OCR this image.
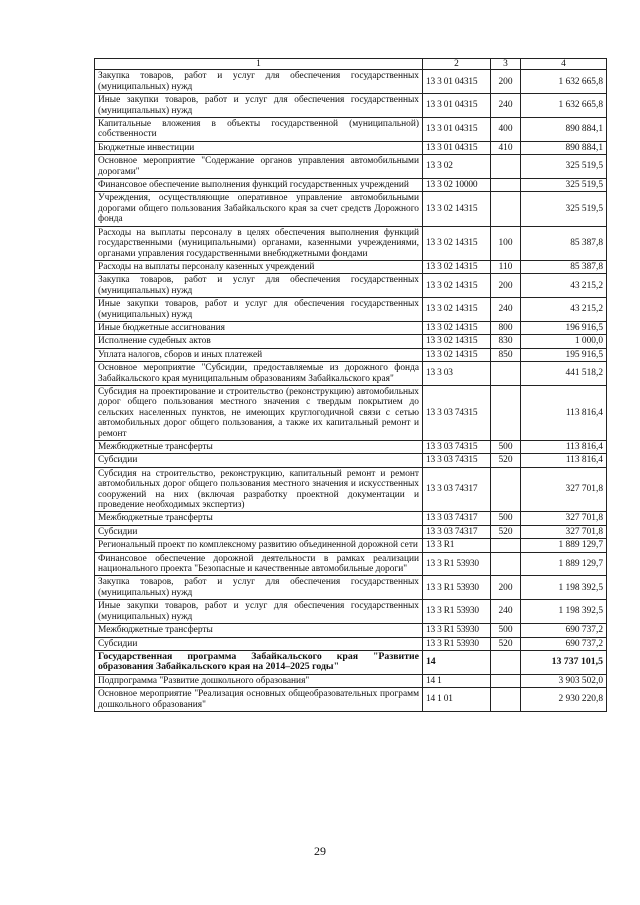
1	2	3	4
Закупка товаров, работ и услуг для обеспечения государственных (муниципальных) нужд	13 3 01 04315	200	1 632 665,8
Иные закупки товаров, работ и услуг для обеспечения государственных (муниципальных) нужд	13 3 01 04315	240	1 632 665,8
Капитальные вложения в объекты государственной (муниципальной) собственности	13 3 01 04315	400	890 884,1
Бюджетные инвестиции	13 3 01 04315	410	890 884,1
Основное мероприятие "Содержание органов управления автомобильными дорогами"	13 3 02		325 519,5
Финансовое обеспечение выполнения функций государственных учреждений	13 3 02 10000		325 519,5
Учреждения, осуществляющие оперативное управление автомобильными дорогами общего пользования Забайкальского края за счет средств Дорожного фонда	13 3 02 14315		325 519,5
Расходы на выплаты персоналу в целях обеспечения выполнения функций государственными (муниципальными) органами, казенными учреждениями, органами управления государственными внебюджетными фондами	13 3 02 14315	100	85 387,8
Расходы на выплаты персоналу казенных учреждений	13 3 02 14315	110	85 387,8
Закупка товаров, работ и услуг для обеспечения государственных (муниципальных) нужд	13 3 02 14315	200	43 215,2
Иные закупки товаров, работ и услуг для обеспечения государственных (муниципальных) нужд	13 3 02 14315	240	43 215,2
Иные бюджетные ассигнования	13 3 02 14315	800	196 916,5
Исполнение судебных актов	13 3 02 14315	830	1 000,0
Уплата налогов, сборов и иных платежей	13 3 02 14315	850	195 916,5
Основное мероприятие "Субсидии, предоставляемые из дорожного фонда Забайкальского края муниципальным образованиям Забайкальского края"	13 3 03		441 518,2
Субсидия на проектирование и строительство (реконструкцию) автомобильных дорог общего пользования местного значения с твердым покрытием до сельских населенных пунктов, не имеющих круглогодичной связи с сетью автомобильных дорог общего пользования, а также их капитальный ремонт и ремонт	13 3 03 74315		113 816,4
Межбюджетные трансферты	13 3 03 74315	500	113 816,4
Субсидии	13 3 03 74315	520	113 816,4
Субсидия на строительство, реконструкцию, капитальный ремонт и ремонт автомобильных дорог общего пользования местного значения и искусственных сооружений на них (включая разработку проектной документации и проведение необходимых экспертиз)	13 3 03 74317		327 701,8
Межбюджетные трансферты	13 3 03 74317	500	327 701,8
Субсидии	13 3 03 74317	520	327 701,8
Региональный проект по комплексному развитию объединенной дорожной сети	13 3 R1		1 889 129,7
Финансовое обеспечение дорожной деятельности в рамках реализации национального проекта "Безопасные и качественные автомобильные дороги"	13 3 R1 53930		1 889 129,7
Закупка товаров, работ и услуг для обеспечения государственных (муниципальных) нужд	13 3 R1 53930	200	1 198 392,5
Иные закупки товаров, работ и услуг для обеспечения государственных (муниципальных) нужд	13 3 R1 53930	240	1 198 392,5
Межбюджетные трансферты	13 3 R1 53930	500	690 737,2
Субсидии	13 3 R1 53930	520	690 737,2
Государственная программа Забайкальского края "Развитие образования Забайкальского края на 2014–2025 годы"	14		13 737 101,5
Подпрограмма "Развитие дошкольного образования"	14 1		3 903 502,0
Основное мероприятие "Реализация основных общеобразовательных программ дошкольного образования"	14 1 01		2 930 220,8
29
